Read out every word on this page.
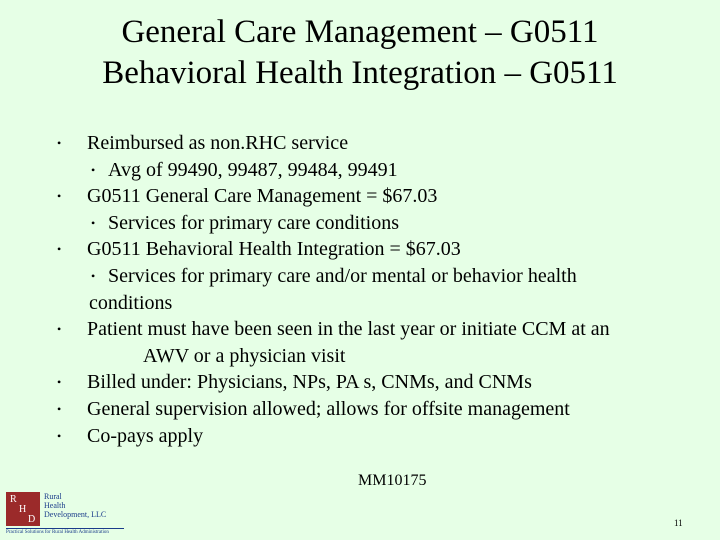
General Care Management – G0511
Behavioral Health Integration – G0511
• Reimbursed as non.RHC service
• Avg of 99490, 99487, 99484, 99491
• G0511 General Care Management = $67.03
• Services for primary care conditions
• G0511 Behavioral Health Integration = $67.03
• Services for primary care and/or mental or behavior health
conditions
• Patient must have been seen in the last year or initiate CCM at an
AWV or a physician visit
• Billed under: Physicians, NPs, PA s, CNMs, and CNMs
• General supervision allowed; allows for offsite management
• Co-pays apply
MM10175
R
H
D
Rural
Health
Development, LLC
Practical Solutions for Rural Health Administration
11
